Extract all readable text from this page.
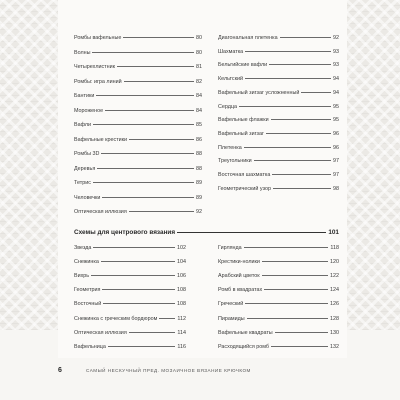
Ромбы вафельные	80
Волны	80
Четырехлистник	81
Ромбы: игра линий	82
Бантики	84
Мороженое	84
Вафли	85
Вафельные крестики	86
Ромбы 3D	88
Деревья	88
Тетрис	89
Человечки	89
Оптическая иллюзия	92
Диагональная плетенка	92
Шахматка	93
Бельгийские вафли	93
Кельтский	94
Вафельный зигзаг усложненный	94
Сердца	95
Вафельные флажки	95
Вафельный зигзаг	96
Плетенка	96
Треугольники	97
Восточная шахматка	97
Геометрический узор	98
Схемы для центрового вязания	101
Звезда	102
Снежинка	104
Вихрь	106
Геометрия	108
Восточный	108
Снежинка с греческим бордюром	112
Оптическая иллюзия	114
Вафельница	116
Гирлянда	118
Крестики-нолики	120
Арабский цветок	122
Ромб в квадратах	124
Греческий	126
Пирамиды	128
Вафельные квадраты	130
Расходящийся ромб	132
6	САМЫЙ НЕСКУЧНЫЙ ПРЕД. МОЗАИЧНОЕ ВЯЗАНИЕ КРЮЧКОМ
